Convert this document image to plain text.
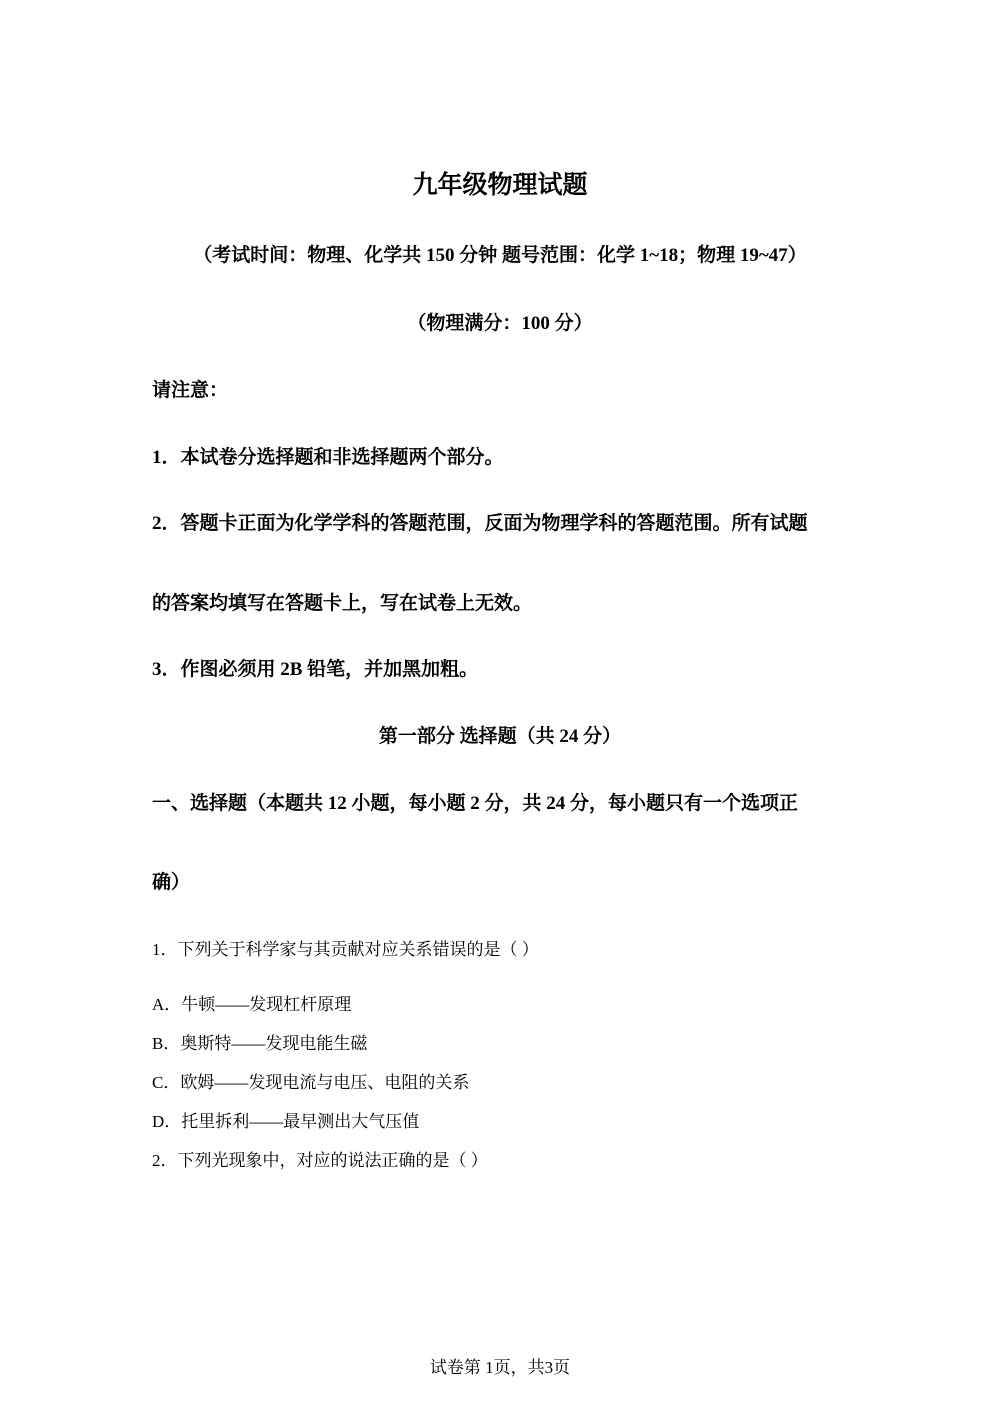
九年级物理试题
（考试时间：物理、化学共 150 分钟 题号范围：化学 1~18；物理 19~47）
（物理满分：100 分）
请注意：
1．本试卷分选择题和非选择题两个部分。
2．答题卡正面为化学学科的答题范围，反面为物理学科的答题范围。所有试题
的答案均填写在答题卡上，写在试卷上无效。
3．作图必须用 2B 铅笔，并加黑加粗。
第一部分 选择题（共 24 分）
一、选择题（本题共 12 小题，每小题 2 分，共 24 分，每小题只有一个选项正
确）
1．下列关于科学家与其贡献对应关系错误的是（ ）
A．牛顿——发现杠杆原理
B．奥斯特——发现电能生磁
C．欧姆——发现电流与电压、电阻的关系
D．托里拆利——最早测出大气压值
2．下列光现象中，对应的说法正确的是（ ）
试卷第 1页，共3页
